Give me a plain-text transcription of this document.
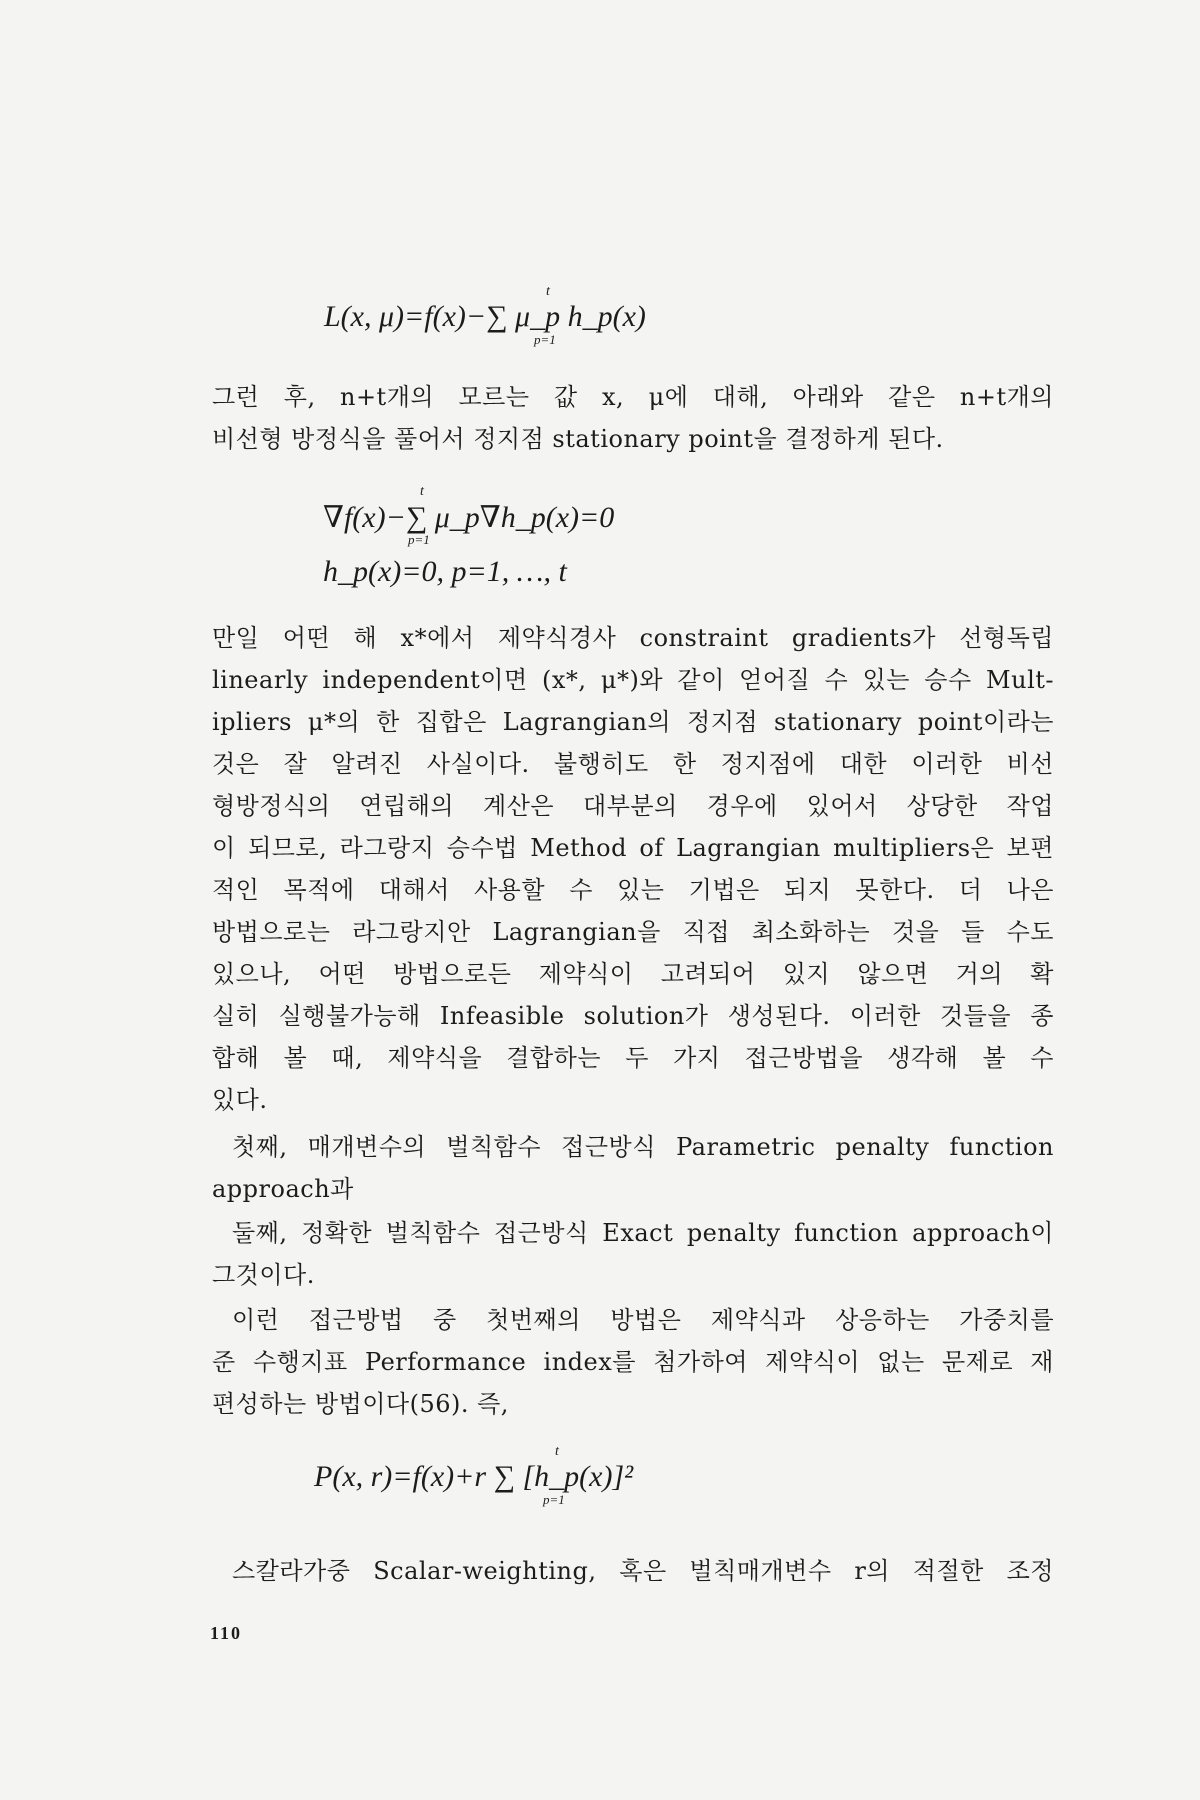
L(x, μ)=f(x)−∑ μ_p h_p(x)
t
p=1
그런 후, n+t개의 모르는 값 x, μ에 대해, 아래와 같은 n+t개의
비선형 방정식을 풀어서 정지점 stationary point을 결정하게 된다.
∇f(x)−∑ μ_p∇h_p(x)=0
t
p=1
h_p(x)=0, p=1, …, t
만일 어떤 해 x*에서 제약식경사 constraint gradients가 선형독립
linearly independent이면 (x*, μ*)와 같이 얻어질 수 있는 승수 Mult-
ipliers μ*의 한 집합은 Lagrangian의 정지점 stationary point이라는
것은 잘 알려진 사실이다. 불행히도 한 정지점에 대한 이러한 비선
형방정식의 연립해의 계산은 대부분의 경우에 있어서 상당한 작업
이 되므로, 라그랑지 승수법 Method of Lagrangian multipliers은 보편
적인 목적에 대해서 사용할 수 있는 기법은 되지 못한다. 더 나은
방법으로는 라그랑지안 Lagrangian을 직접 최소화하는 것을 들 수도
있으나, 어떤 방법으로든 제약식이 고려되어 있지 않으면 거의 확
실히 실행불가능해 Infeasible solution가 생성된다. 이러한 것들을 종
합해 볼 때, 제약식을 결합하는 두 가지 접근방법을 생각해 볼 수
있다.
첫째, 매개변수의 벌칙함수 접근방식 Parametric penalty function
approach과
둘째, 정확한 벌칙함수 접근방식 Exact penalty function approach이
그것이다.
이런 접근방법 중 첫번째의 방법은 제약식과 상응하는 가중치를
준 수행지표 Performance index를 첨가하여 제약식이 없는 문제로 재
편성하는 방법이다(56). 즉,
P(x, r)=f(x)+r ∑ [h_p(x)]²
t
p=1
스칼라가중 Scalar-weighting, 혹은 벌칙매개변수 r의 적절한 조정
110
